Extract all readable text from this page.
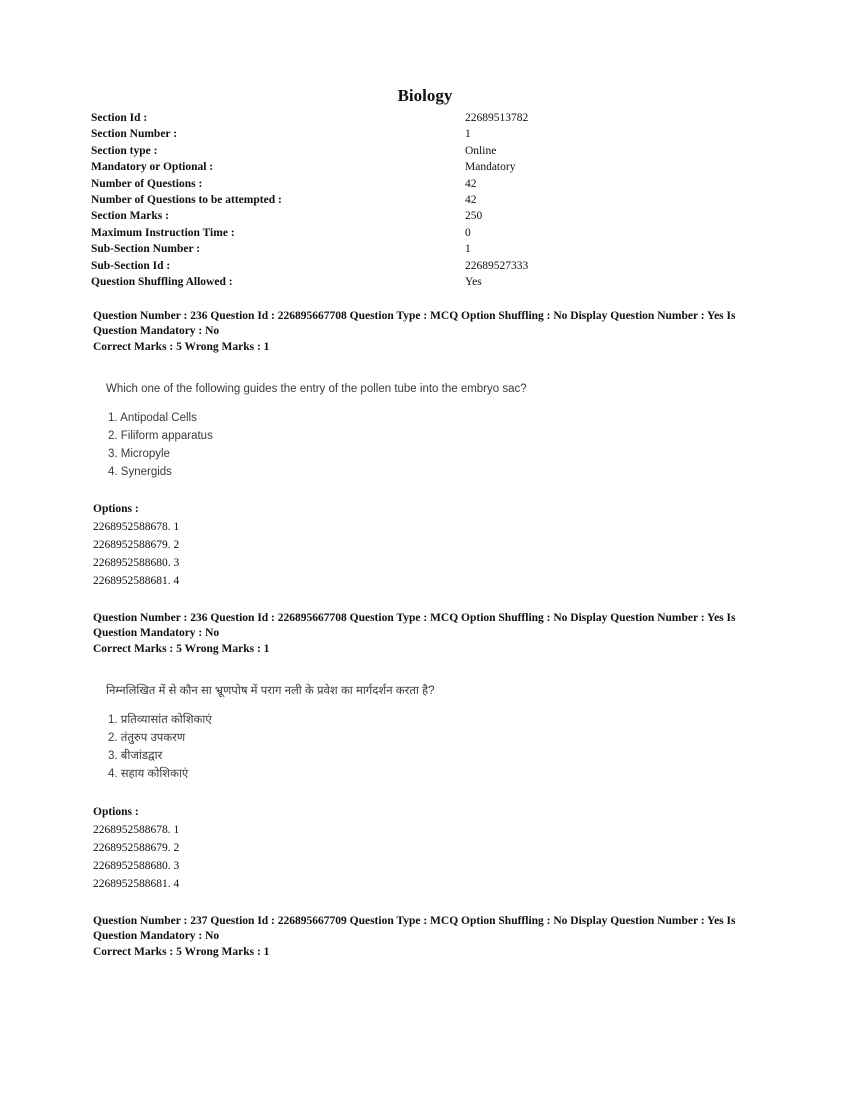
Biology
Section Id :	22689513782
Section Number :	1
Section type :	Online
Mandatory or Optional :	Mandatory
Number of Questions :	42
Number of Questions to be attempted :	42
Section Marks :	250
Maximum Instruction Time :	0
Sub-Section Number :	1
Sub-Section Id :	22689527333
Question Shuffling Allowed :	Yes
Question Number : 236 Question Id : 226895667708 Question Type : MCQ Option Shuffling : No Display Question Number : Yes Is Question Mandatory : No
Correct Marks : 5 Wrong Marks : 1
Which one of the following guides the entry of the pollen tube into the embryo sac?
1. Antipodal Cells
2. Filiform apparatus
3. Micropyle
4. Synergids
Options :
2268952588678. 1
2268952588679. 2
2268952588680. 3
2268952588681. 4
Question Number : 236 Question Id : 226895667708 Question Type : MCQ Option Shuffling : No Display Question Number : Yes Is Question Mandatory : No
Correct Marks : 5 Wrong Marks : 1
निम्नलिखित में से कौन सा भ्रूणपोष में पराग नली के प्रवेश का मार्गदर्शन करता है?
1. प्रतिव्यासांत कोशिकाएं
2. तंतुरुप उपकरण
3. बीजांडद्वार
4. सहाय कोशिकाएं
Options :
2268952588678. 1
2268952588679. 2
2268952588680. 3
2268952588681. 4
Question Number : 237 Question Id : 226895667709 Question Type : MCQ Option Shuffling : No Display Question Number : Yes Is Question Mandatory : No
Correct Marks : 5 Wrong Marks : 1
